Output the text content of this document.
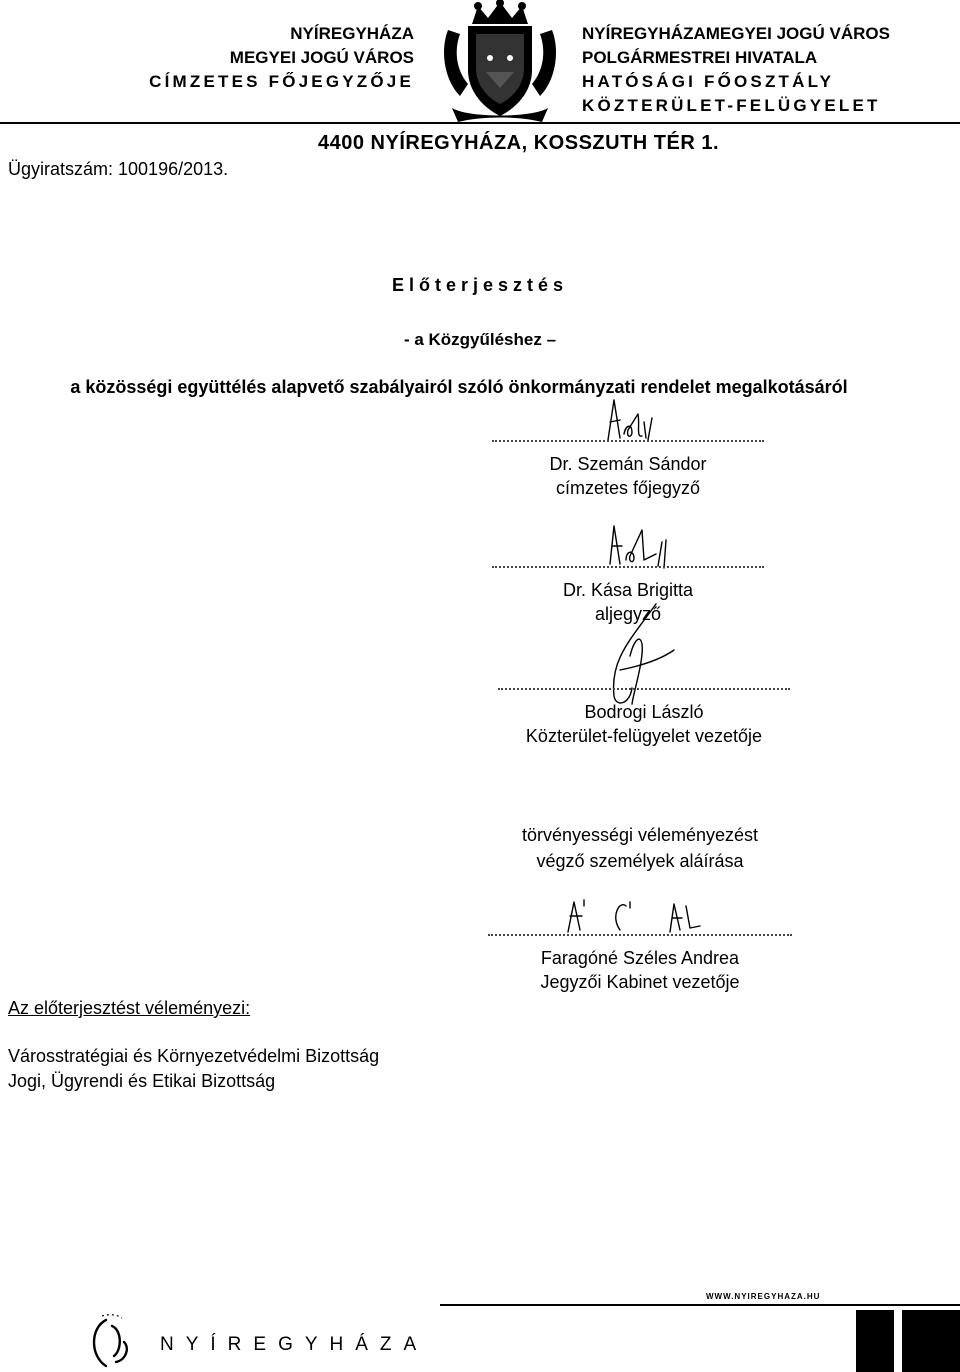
NYÍREGYHÁZA
MEGYEI JOGÚ VÁROS
CÍMZETES FŐJEGYZŐJE
NYÍREGYHÁZAMEGYEI JOGÚ VÁROS
POLGÁRMESTREI HIVATALA
HATÓSÁGI FŐOSZTÁLY
KÖZTERÜLET-FELÜGYELET
4400 NYÍREGYHÁZA, KOSSZUTH TÉR 1.
Ügyiratszám: 100196/2013.
Előterjesztés
- a Közgyűléshez –
a közösségi együttélés alapvető szabályairól szóló önkormányzati rendelet megalkotásáról
Dr. Szemán Sándor
címzetes főjegyző
Dr. Kása Brigitta
aljegyző
Bodrogi László
Közterület-felügyelet vezetője
törvényességi véleményezést
végző személyek aláírása
Faragóné Széles Andrea
Jegyzői Kabinet vezetője
Az előterjesztést véleményezi:
Városstratégiai és Környezetvédelmi Bizottság
Jogi, Ügyrendi és Etikai Bizottság
WWW.NYIREGYHAZA.HU
NYÍREGYHÁZA
